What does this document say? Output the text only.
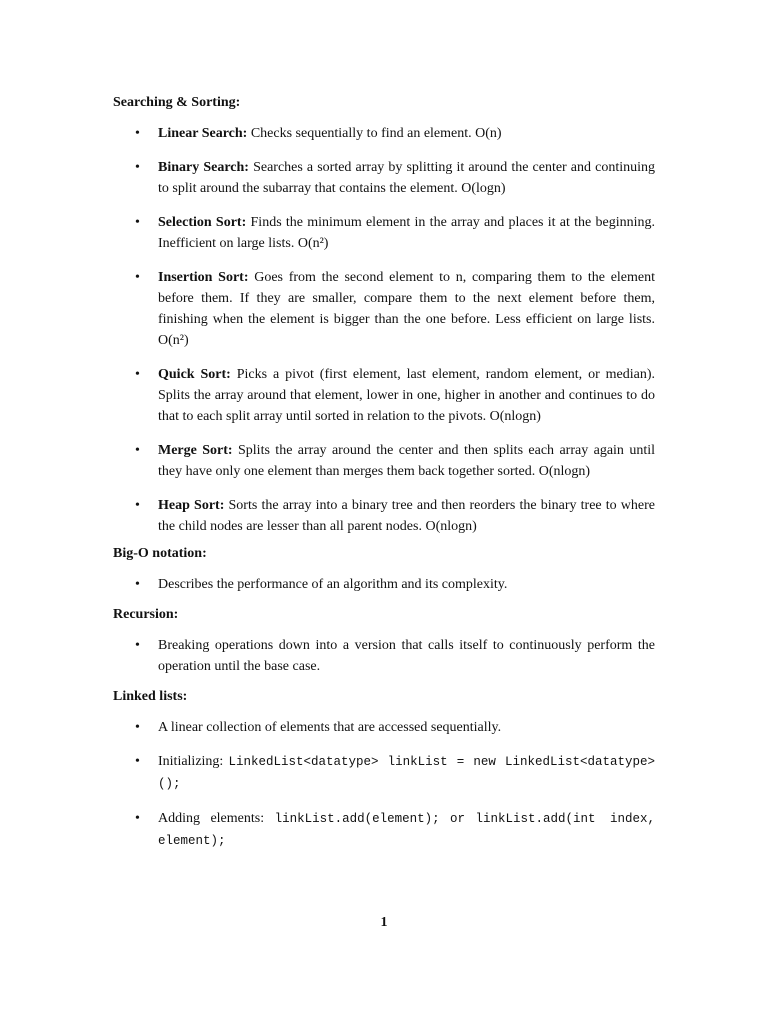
Searching & Sorting:
• Linear Search: Checks sequentially to find an element. O(n)
• Binary Search: Searches a sorted array by splitting it around the center and continuing to split around the subarray that contains the element. O(logn)
• Selection Sort: Finds the minimum element in the array and places it at the beginning. Inefficient on large lists. O(n²)
• Insertion Sort: Goes from the second element to n, comparing them to the element before them. If they are smaller, compare them to the next element before them, finishing when the element is bigger than the one before. Less efficient on large lists. O(n²)
• Quick Sort: Picks a pivot (first element, last element, random element, or median). Splits the array around that element, lower in one, higher in another and continues to do that to each split array until sorted in relation to the pivots. O(nlogn)
• Merge Sort: Splits the array around the center and then splits each array again until they have only one element than merges them back together sorted. O(nlogn)
• Heap Sort: Sorts the array into a binary tree and then reorders the binary tree to where the child nodes are lesser than all parent nodes. O(nlogn)
Big-O notation:
• Describes the performance of an algorithm and its complexity.
Recursion:
• Breaking operations down into a version that calls itself to continuously perform the operation until the base case.
Linked lists:
• A linear collection of elements that are accessed sequentially.
• Initializing: LinkedList<datatype> linkList = new LinkedList<datatype>();
• Adding elements: linkList.add(element); or linkList.add(int index, element);
1
